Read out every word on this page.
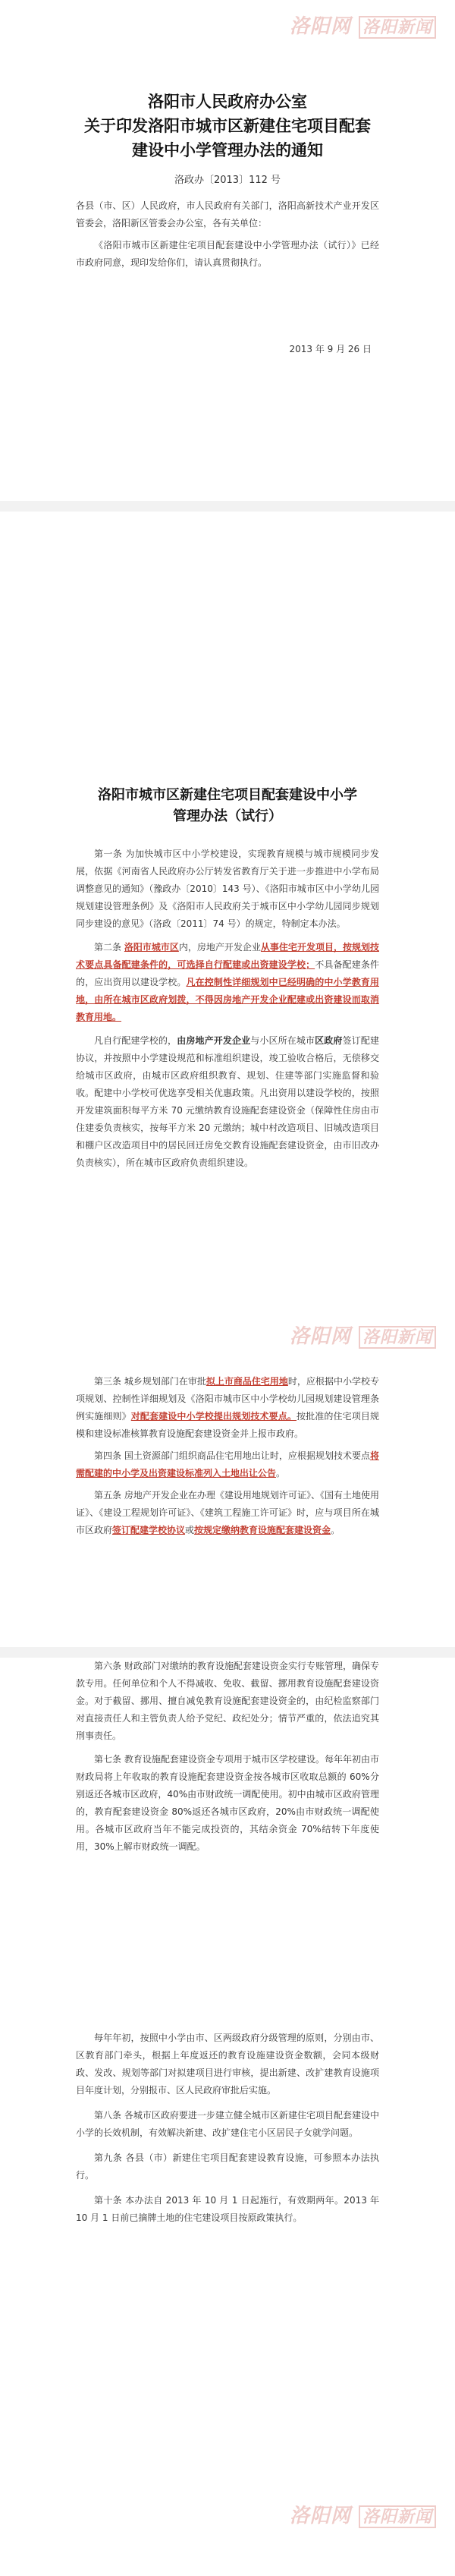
洛阳网 洛阳新闻
洛阳市人民政府办公室
关于印发洛阳市城市区新建住宅项目配套
建设中小学管理办法的通知
洛政办〔2013〕112 号
各县（市、区）人民政府，市人民政府有关部门，洛阳高新技术产业开发区管委会，洛阳新区管委会办公室，各有关单位：
《洛阳市城市区新建住宅项目配套建设中小学管理办法（试行）》已经市政府同意，现印发给你们，请认真贯彻执行。
2013 年 9 月 26 日
洛阳市城市区新建住宅项目配套建设中小学
管理办法（试行）
第一条 为加快城市区中小学校建设，实现教育规模与城市规模同步发展，依据《河南省人民政府办公厅转发省教育厅关于进一步推进中小学布局调整意见的通知》（豫政办〔2010〕143 号）、《洛阳市城市区中小学幼儿园规划建设管理条例》及《洛阳市人民政府关于城市区中小学幼儿园同步规划同步建设的意见》（洛政〔2011〕74 号）的规定，特制定本办法。
第二条 洛阳市城市区内，房地产开发企业从事住宅开发项目，按规划技术要点具备配建条件的，可选择自行配建或出资建设学校；不具备配建条件的，应出资用以建设学校。凡在控制性详细规划中已经明确的中小学教育用地，由所在城市区政府划拨，不得因房地产开发企业配建或出资建设而取消教育用地。
凡自行配建学校的，由房地产开发企业与小区所在城市区政府签订配建协议，并按照中小学建设规范和标准组织建设，竣工验收合格后，无偿移交给城市区政府，由城市区政府组织教育、规划、住建等部门实施监督和验收。配建中小学校可优选享受相关优惠政策。凡出资用以建设学校的，按照开发建筑面积每平方米 70 元缴纳教育设施配套建设资金（保障性住房由市住建委负责核实，按每平方米 20 元缴纳；城中村改造项目、旧城改造项目和棚户区改造项目中的居民回迁房免交教育设施配套建设资金，由市旧改办负责核实），所在城市区政府负责组织建设。
洛阳网 洛阳新闻
第三条 城乡规划部门在审批拟上市商品住宅用地时，应根据中小学校专项规划、控制性详细规划及《洛阳市城市区中小学校幼儿园规划建设管理条例实施细则》对配套建设中小学校提出规划技术要点。按批准的住宅项目规模和建设标准核算教育设施配套建设资金并上报市政府。
第四条 国土资源部门组织商品住宅用地出让时，应根据规划技术要点将需配建的中小学及出资建设标准列入土地出让公告。
第五条 房地产开发企业在办理《建设用地规划许可证》、《国有土地使用证》、《建设工程规划许可证》、《建筑工程施工许可证》时，应与项目所在城市区政府签订配建学校协议或按规定缴纳教育设施配套建设资金。
第六条 财政部门对缴纳的教育设施配套建设资金实行专账管理，确保专款专用。任何单位和个人不得减收、免收、截留、挪用教育设施配套建设资金。对于截留、挪用、擅自减免教育设施配套建设资金的，由纪检监察部门对直接责任人和主管负责人给予党纪、政纪处分；情节严重的，依法追究其刑事责任。
第七条 教育设施配套建设资金专项用于城市区学校建设。每年年初由市财政局将上年收取的教育设施配套建设资金按各城市区收取总额的 60%分别返还各城市区政府，40%由市财政统一调配使用。初中由城市区政府管理的，教育配套建设资金 80%返还各城市区政府，20%由市财政统一调配使用。各城市区政府当年不能完成投资的，其结余资金 70%结转下年度使用，30%上解市财政统一调配。
每年年初，按照中小学由市、区两级政府分级管理的原则，分别由市、区教育部门牵头，根据上年度返还的教育设施建设资金数额，会同本级财政、发改、规划等部门对拟建项目进行审核，提出新建、改扩建教育设施项目年度计划，分别报市、区人民政府审批后实施。
第八条 各城市区政府要进一步建立健全城市区新建住宅项目配套建设中小学的长效机制，有效解决新建、改扩建住宅小区居民子女就学问题。
第九条 各县（市）新建住宅项目配套建设教育设施，可参照本办法执行。
第十条 本办法自 2013 年 10 月 1 日起施行，有效期两年。2013 年 10 月 1 日前已摘牌土地的住宅建设项目按原政策执行。
洛阳网 洛阳新闻
